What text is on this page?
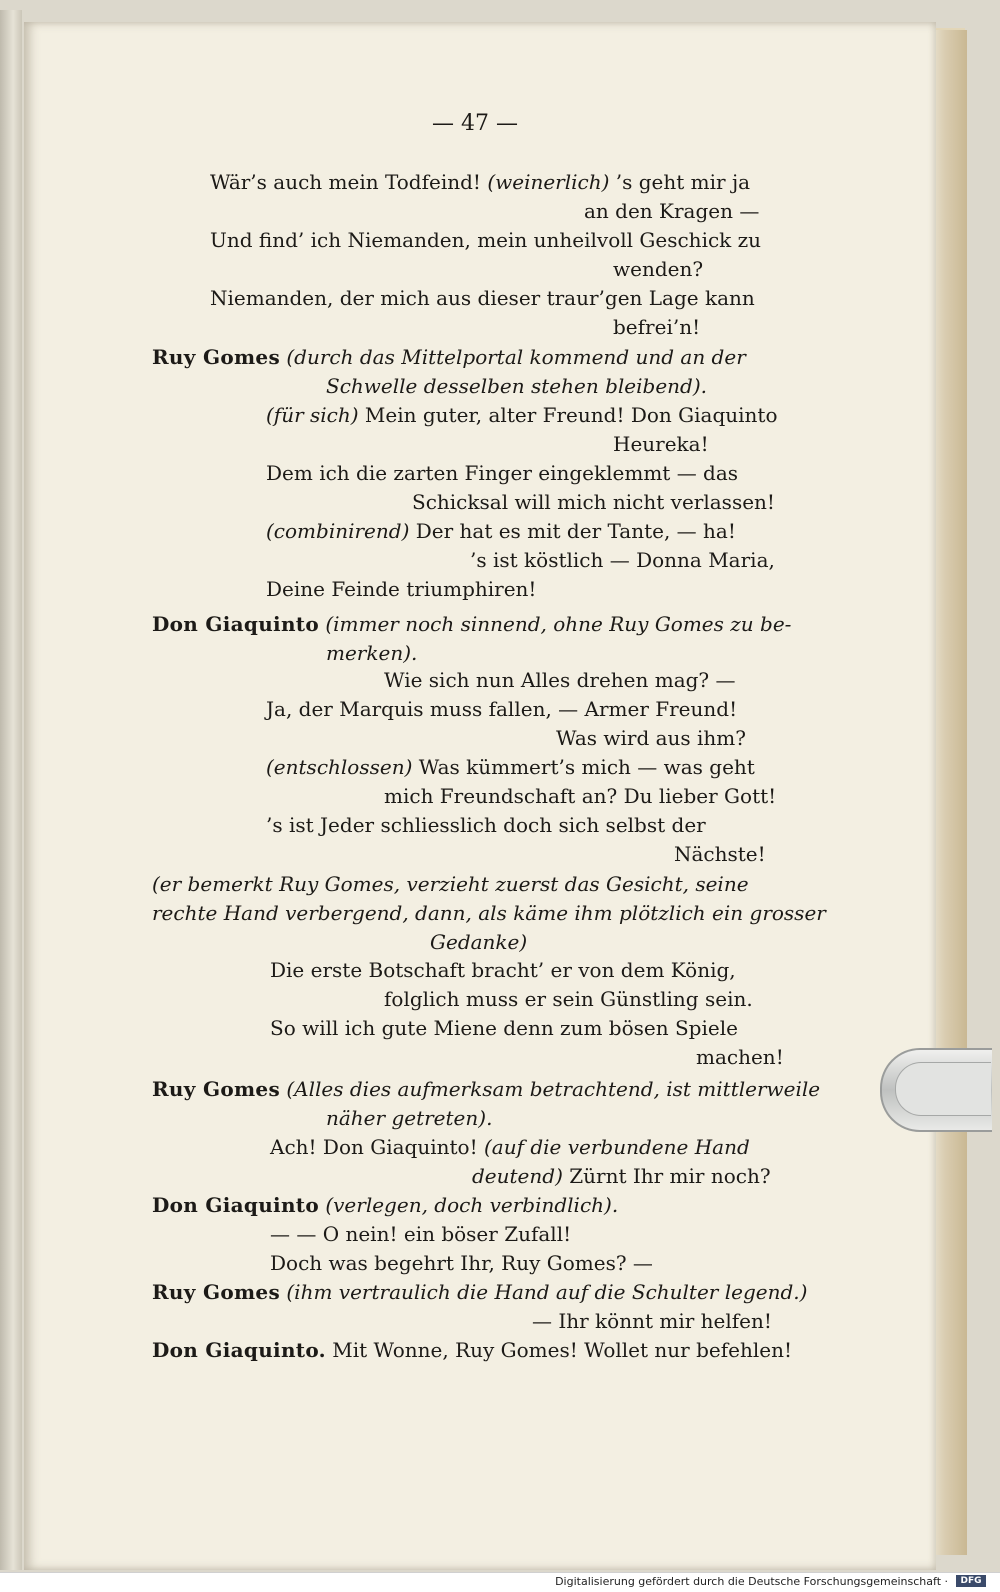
— 47 —
Wär’s auch mein Todfeind! (weinerlich) ’s geht mir ja
an den Kragen —
Und find’ ich Niemanden, mein unheilvoll Geschick zu
wenden?
Niemanden, der mich aus dieser traur’gen Lage kann
befrei’n!
Ruy Gomes (durch das Mittelportal kommend und an der
Schwelle desselben stehen bleibend).
(für sich) Mein guter, alter Freund! Don Giaquinto
Heureka!
Dem ich die zarten Finger eingeklemmt — das
Schicksal will mich nicht verlassen!
(combinirend) Der hat es mit der Tante, — ha!
’s ist köstlich — Donna Maria,
Deine Feinde triumphiren!
Don Giaquinto (immer noch sinnend, ohne Ruy Gomes zu be-
merken).
Wie sich nun Alles drehen mag? —
Ja, der Marquis muss fallen, — Armer Freund!
Was wird aus ihm?
(entschlossen) Was kümmert’s mich — was geht
mich Freundschaft an? Du lieber Gott!
’s ist Jeder schliesslich doch sich selbst der
Nächste!
(er bemerkt Ruy Gomes, verzieht zuerst das Gesicht, seine
rechte Hand verbergend, dann, als käme ihm plötzlich ein grosser
Gedanke)
Die erste Botschaft bracht’ er von dem König,
folglich muss er sein Günstling sein.
So will ich gute Miene denn zum bösen Spiele
machen!
Ruy Gomes (Alles dies aufmerksam betrachtend, ist mittlerweile
näher getreten).
Ach! Don Giaquinto! (auf die verbundene Hand
deutend) Zürnt Ihr mir noch?
Don Giaquinto (verlegen, doch verbindlich).
— — O nein! ein böser Zufall!
Doch was begehrt Ihr, Ruy Gomes? —
Ruy Gomes (ihm vertraulich die Hand auf die Schulter legend.)
— Ihr könnt mir helfen!
Don Giaquinto. Mit Wonne, Ruy Gomes! Wollet nur befehlen!
Digitalisierung gefördert durch die Deutsche Forschungsgemeinschaft ·	DFG
